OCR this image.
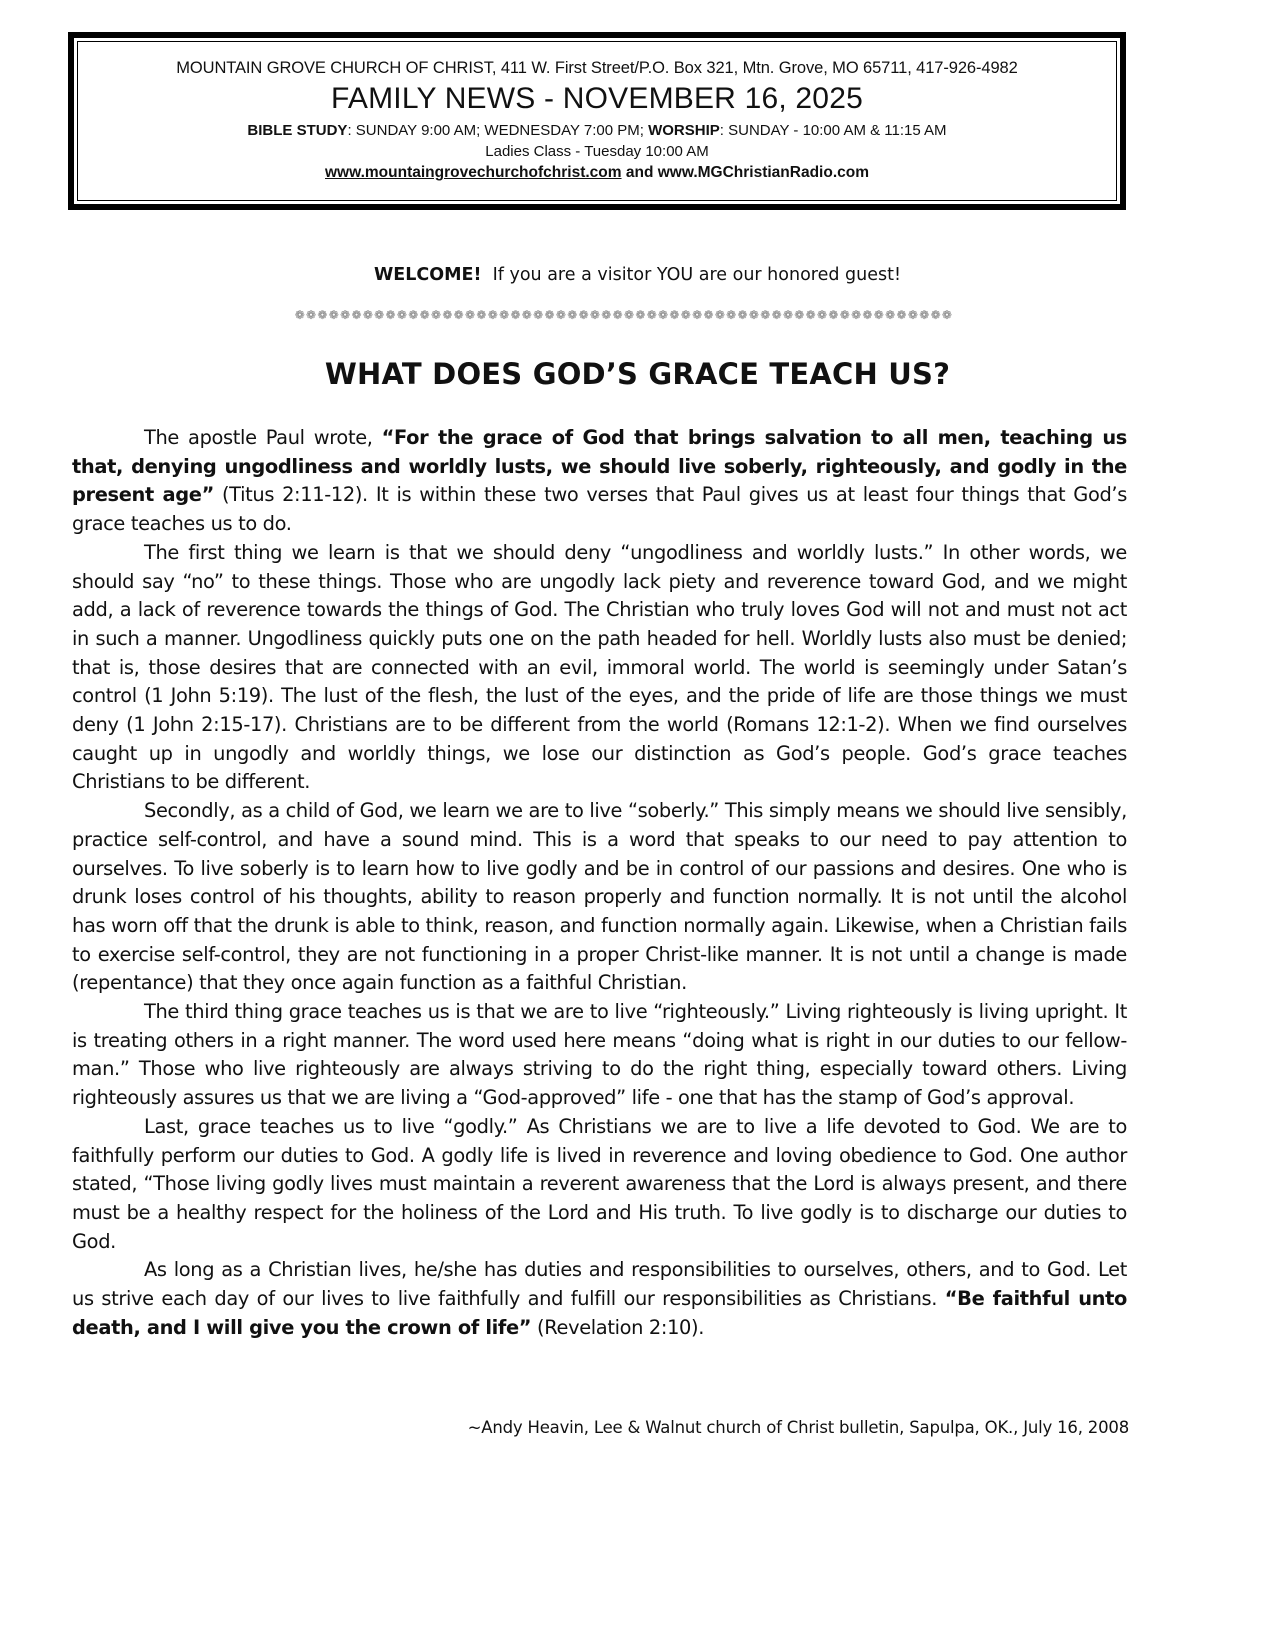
MOUNTAIN GROVE CHURCH OF CHRIST, 411 W. First Street/P.O. Box 321, Mtn. Grove, MO 65711, 417-926-4982
FAMILY NEWS - NOVEMBER 16, 2025
BIBLE STUDY: SUNDAY 9:00 AM; WEDNESDAY 7:00 PM; WORSHIP: SUNDAY - 10:00 AM & 11:15 AM
Ladies Class - Tuesday 10:00 AM
www.mountaingrovechurchofchrist.com and www.MGChristianRadio.com
WELCOME!  If you are a visitor YOU are our honored guest!
❁❁❁❁❁❁❁❁❁❁❁❁❁❁❁❁❁❁❁❁❁❁❁❁❁❁❁❁❁❁❁❁❁❁❁❁❁❁❁❁❁❁❁❁❁❁❁❁❁❁❁❁❁❁❁❁❁❁
WHAT DOES GOD’S GRACE TEACH US?

The apostle Paul wrote, “For the grace of God that brings salvation to all men, teaching us that, denying ungodliness and worldly lusts, we should live soberly, righteously, and godly in the present age” (Titus 2:11-12). It is within these two verses that Paul gives us at least four things that God’s grace teaches us to do.

The first thing we learn is that we should deny “ungodliness and worldly lusts.” In other words, we should say “no” to these things. Those who are ungodly lack piety and reverence toward God, and we might add, a lack of reverence towards the things of God. The Christian who truly loves God will not and must not act in such a manner. Ungodliness quickly puts one on the path headed for hell. Worldly lusts also must be denied; that is, those desires that are connected with an evil, immoral world. The world is seemingly under Satan’s control (1 John 5:19). The lust of the flesh, the lust of the eyes, and the pride of life are those things we must deny (1 John 2:15-17). Christians are to be different from the world (Romans 12:1-2). When we find ourselves caught up in ungodly and worldly things, we lose our distinction as God’s people. God’s grace teaches Christians to be different.

Secondly, as a child of God, we learn we are to live “soberly.” This simply means we should live sensibly, practice self-control, and have a sound mind. This is a word that speaks to our need to pay attention to ourselves. To live soberly is to learn how to live godly and be in control of our passions and desires. One who is drunk loses control of his thoughts, ability to reason properly and function normally. It is not until the alcohol has worn off that the drunk is able to think, reason, and function normally again. Likewise, when a Christian fails to exercise self-control, they are not functioning in a proper Christ-like manner. It is not until a change is made (repentance) that they once again function as a faithful Christian.

The third thing grace teaches us is that we are to live “righteously.” Living righteously is living upright. It is treating others in a right manner. The word used here means “doing what is right in our duties to our fellow-man.” Those who live righteously are always striving to do the right thing, especially toward others. Living righteously assures us that we are living a “God-approved” life - one that has the stamp of God’s approval.

Last, grace teaches us to live “godly.” As Christians we are to live a life devoted to God. We are to faithfully perform our duties to God. A godly life is lived in reverence and loving obedience to God. One author stated, “Those living godly lives must maintain a reverent awareness that the Lord is always present, and there must be a healthy respect for the holiness of the Lord and His truth. To live godly is to discharge our duties to God.

As long as a Christian lives, he/she has duties and responsibilities to ourselves, others, and to God. Let us strive each day of our lives to live faithfully and fulfill our responsibilities as Christians. “Be faithful unto death, and I will give you the crown of life” (Revelation 2:10).

~Andy Heavin, Lee & Walnut church of Christ bulletin, Sapulpa, OK., July 16, 2008
